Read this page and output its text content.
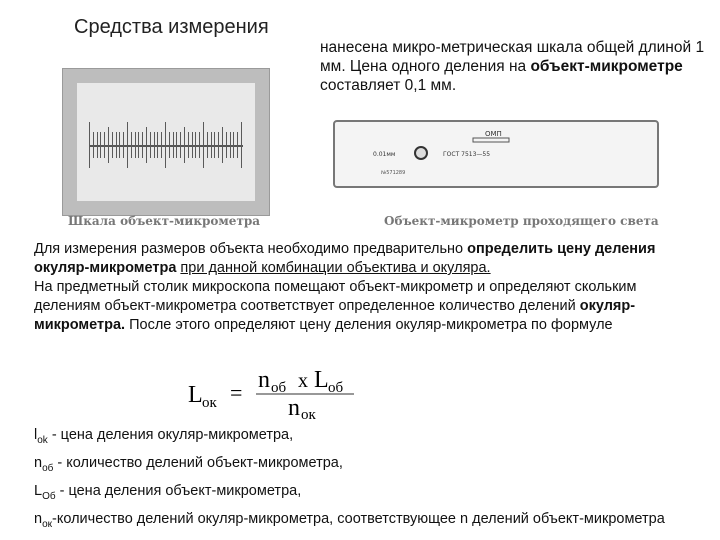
Средства измерения
нанесена микро-метрическая шкала общей длиной 1 мм. Цена одного деления на объект-микрометре составляет 0,1 мм.
Шкала объект-микрометра
ОМП
0.01мм	ГОСТ 7513—55
№571289
Объект-микрометр проходящего света
Для измерения размеров объекта необходимо предварительно определить цену деления окуляр-микрометра при данной комбинации объектива и окуляра.
На предметный столик микроскопа помещают объект-микрометр и определяют скольким делениям объект-микрометра соответствует определенное количество делений окуляр-микрометра. После этого определяют цену деления окуляр-микрометра по формуле
L ок = n об x L об
n ок
$l_{ok}$ - цена деления окуляр-микрометра,
$n_{об}$ - количество делений объект-микрометра,
$L_{Об}$ - цена деления объект-микрометра,
$n_{ок}$-количество делений окуляр-микрометра, соответствующее n делений объект-микрометра
